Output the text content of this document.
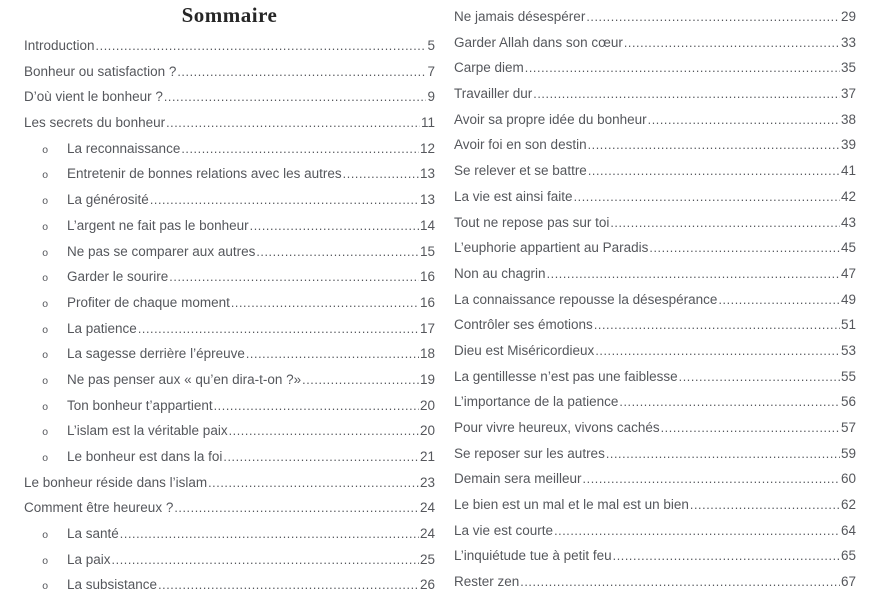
Sommaire
Introduction .....	5
Bonheur ou satisfaction ? .....	7
D’où vient le bonheur ? .....	9
Les secrets du bonheur .....	11
o	La reconnaissance .....	12
o	Entretenir de bonnes relations avec les autres .....	13
o	La générosité .....	13
o	L’argent ne fait pas le bonheur .....	14
o	Ne pas se comparer aux autres .....	15
o	Garder le sourire .....	16
o	Profiter de chaque moment .....	16
o	La patience .....	17
o	La sagesse derrière l’épreuve .....	18
o	Ne pas penser aux « qu’en dira-t-on ?» .....	19
o	Ton bonheur t’appartient .....	20
o	L’islam est la véritable paix .....	20
o	Le bonheur est dans la foi .....	21
Le bonheur réside dans l’islam .....	23
Comment être heureux ? .....	24
o	La santé .....	24
o	La paix .....	25
o	La subsistance .....	26
Ne jamais désespérer .....	29
Garder Allah dans son cœur .....	33
Carpe diem .....	35
Travailler dur .....	37
Avoir sa propre idée du bonheur .....	38
Avoir foi en son destin .....	39
Se relever et se battre .....	41
La vie est ainsi faite .....	42
Tout ne repose pas sur toi .....	43
L’euphorie appartient au Paradis .....	45
Non au chagrin .....	47
La connaissance repousse la désespérance .....	49
Contrôler ses émotions .....	51
Dieu est Miséricordieux .....	53
La gentillesse n’est pas une faiblesse .....	55
L’importance de la patience .....	56
Pour vivre heureux, vivons cachés .....	57
Se reposer sur les autres .....	59
Demain sera meilleur .....	60
Le bien est un mal et le mal est un bien .....	62
La vie est courte .....	64
L’inquiétude tue à petit feu .....	65
Rester zen .....	67
